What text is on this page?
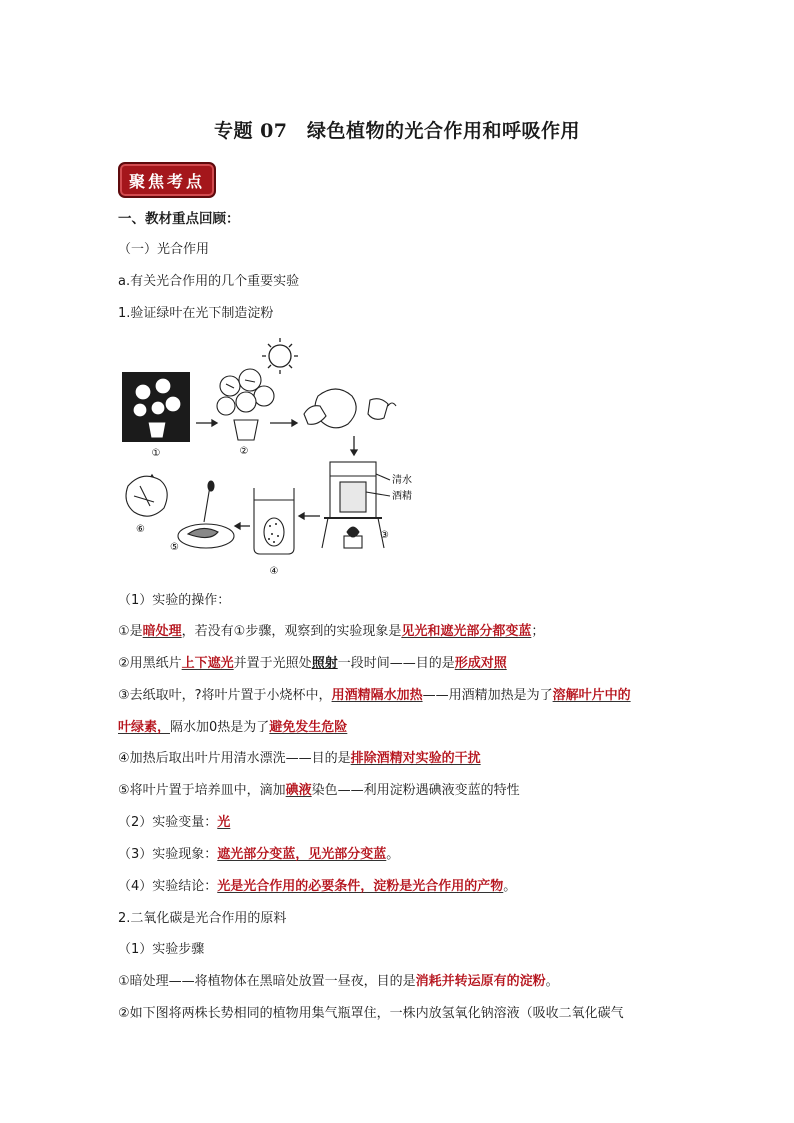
专题 07　绿色植物的光合作用和呼吸作用
聚焦考点
一、教材重点回顾：
（一）光合作用
a.有关光合作用的几个重要实验
1.验证绿叶在光下制造淀粉
①	②
清水
酒精
③
④
⑤
⑥
（1）实验的操作：
①是暗处理，若没有①步骤，观察到的实验现象是见光和遮光部分都变蓝；
②用黑纸片上下遮光并置于光照处照射一段时间——目的是形成对照
③去纸取叶，?将叶片置于小烧杯中，用酒精隔水加热——用酒精加热是为了溶解叶片中的
叶绿素，隔水加0热是为了避免发生危险
④加热后取出叶片用清水漂洗——目的是排除酒精对实验的干扰
⑤将叶片置于培养皿中，滴加碘液染色——利用淀粉遇碘液变蓝的特性
（2）实验变量：光
（3）实验现象：遮光部分变蓝，见光部分变蓝。
（4）实验结论：光是光合作用的必要条件，淀粉是光合作用的产物。
2.二氧化碳是光合作用的原料
（1）实验步骤
①暗处理——将植物体在黑暗处放置一昼夜，目的是消耗并转运原有的淀粉。
②如下图将两株长势相同的植物用集气瓶罩住，一株内放氢氧化钠溶液（吸收二氧化碳气
